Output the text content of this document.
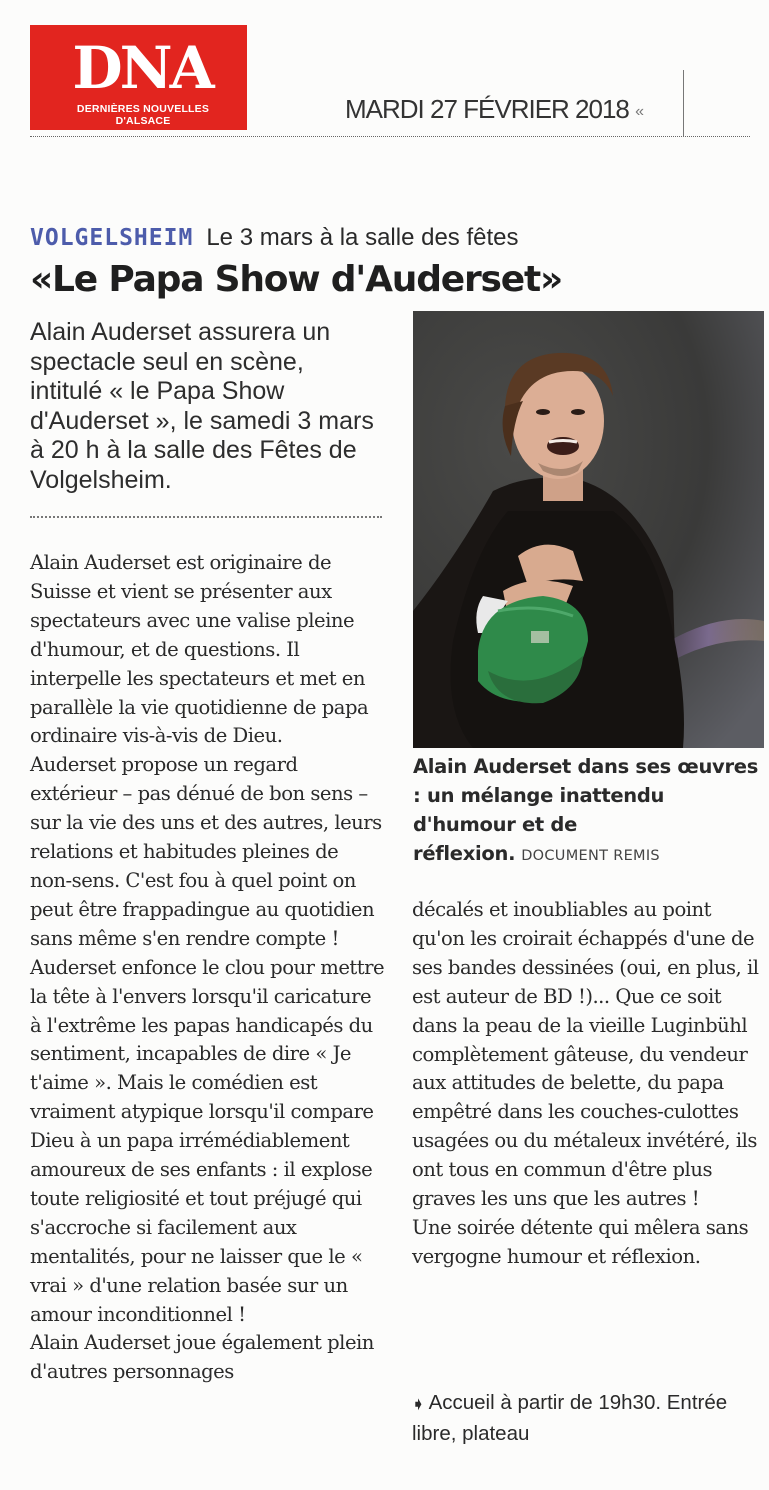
DNA
DERNIÈRES NOUVELLES D'ALSACE	MARDI 27 FÉVRIER 2018 «
VOLGELSHEIM Le 3 mars à la salle des fêtes
«Le Papa Show d'Auderset»

Alain Auderset assurera un spectacle seul en scène, intitulé « le Papa Show d'Auderset », le samedi 3 mars à 20 h à la salle des Fêtes de Volgelsheim.

Alain Auderset est originaire de Suisse et vient se présenter aux spectateurs avec une valise pleine d'humour, et de questions. Il interpelle les spectateurs et met en parallèle la vie quotidienne de papa ordinaire vis-à-vis de Dieu.
Auderset propose un regard extérieur – pas dénué de bon sens – sur la vie des uns et des autres, leurs relations et habitudes pleines de non-sens. C'est fou à quel point on peut être frappadingue au quotidien sans même s'en rendre compte !
Auderset enfonce le clou pour mettre la tête à l'envers lorsqu'il caricature à l'extrême les papas handicapés du sentiment, incapables de dire « Je t'aime ». Mais le comédien est vraiment atypique lorsqu'il compare Dieu à un papa irrémédiablement amoureux de ses enfants : il explose toute religiosité et tout préjugé qui s'accroche si facilement aux mentalités, pour ne laisser que le « vrai » d'une relation basée sur un amour inconditionnel !
Alain Auderset joue également plein d'autres personnages

Alain Auderset dans ses œuvres : un mélange inattendu d'humour et de réflexion. DOCUMENT REMIS

décalés et inoubliables au point qu'on les croirait échappés d'une de ses bandes dessinées (oui, en plus, il est auteur de BD !)... Que ce soit dans la peau de la vieille Luginbühl complètement gâteuse, du vendeur aux attitudes de belette, du papa empêtré dans les couches-culottes usagées ou du métaleux invétéré, ils ont tous en commun d'être plus graves les uns que les autres !
Une soirée détente qui mêlera sans vergogne humour et réflexion.

➧ Accueil à partir de 19h30. Entrée libre, plateau
